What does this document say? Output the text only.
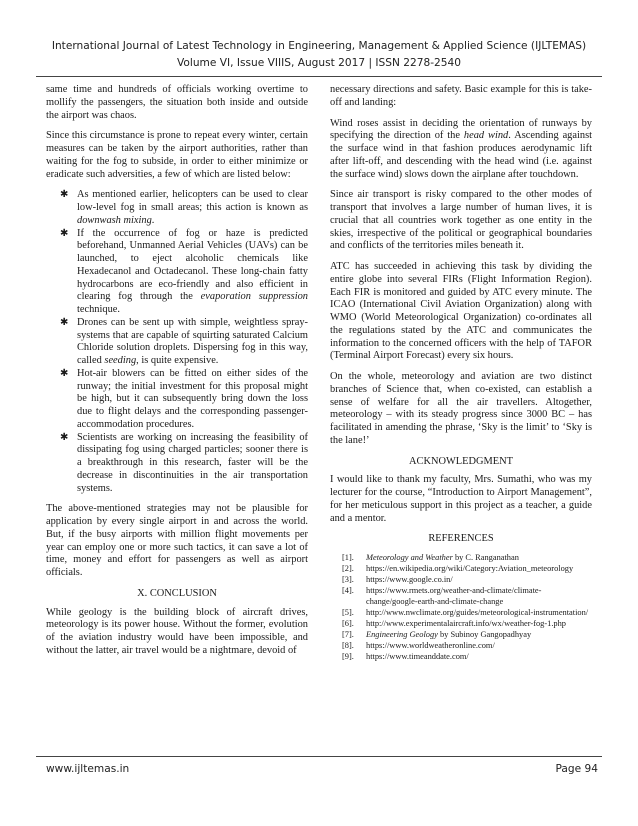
International Journal of Latest Technology in Engineering, Management & Applied Science (IJLTEMAS)
Volume VI, Issue VIIIS, August 2017 | ISSN 2278-2540

same time and hundreds of officials working overtime to mollify the passengers, the situation both inside and outside the airport was chaos.

Since this circumstance is prone to repeat every winter, certain measures can be taken by the airport authorities, rather than waiting for the fog to subside, in order to either minimize or eradicate such adversities, a few of which are listed below:

✱ As mentioned earlier, helicopters can be used to clear low-level fog in small areas; this action is known as downwash mixing.
✱ If the occurrence of fog or haze is predicted beforehand, Unmanned Aerial Vehicles (UAVs) can be launched, to eject alcoholic chemicals like Hexadecanol and Octadecanol. These long-chain fatty hydrocarbons are eco-friendly and also efficient in clearing fog through the evaporation suppression technique.
✱ Drones can be sent up with simple, weightless spray-systems that are capable of squirting saturated Calcium Chloride solution droplets. Dispersing fog in this way, called seeding, is quite expensive.
✱ Hot-air blowers can be fitted on either sides of the runway; the initial investment for this proposal might be high, but it can subsequently bring down the loss due to flight delays and the corresponding passenger-accommodation procedures.
✱ Scientists are working on increasing the feasibility of dissipating fog using charged particles; sooner there is a breakthrough in this research, faster will be the decrease in discontinuities in the air transportation systems.

The above-mentioned strategies may not be plausible for application by every single airport in and across the world. But, if the busy airports with million flight movements per year can employ one or more such tactics, it can save a lot of time, money and effort for passengers as well as airport officials.

X. CONCLUSION

While geology is the building block of aircraft drives, meteorology is its power house. Without the former, evolution of the aviation industry would have been impossible, and without the latter, air travel would be a nightmare, devoid of

necessary directions and safety. Basic example for this is take-off and landing:

Wind roses assist in deciding the orientation of runways by specifying the direction of the head wind. Ascending against the surface wind in that fashion produces aerodynamic lift after lift-off, and descending with the head wind (i.e. against the surface wind) slows down the airplane after touchdown.

Since air transport is risky compared to the other modes of transport that involves a large number of human lives, it is crucial that all countries work together as one entity in the skies, irrespective of the political or geographical boundaries and conflicts of the territories miles beneath it.

ATC has succeeded in achieving this task by dividing the entire globe into several FIRs (Flight Information Region). Each FIR is monitored and guided by ATC every minute. The ICAO (International Civil Aviation Organization) along with WMO (World Meteorological Organization) co-ordinates all the regulations stated by the ATC and communicates the information to the concerned officers with the help of TAFOR (Terminal Airport Forecast) every six hours.

On the whole, meteorology and aviation are two distinct branches of Science that, when co-existed, can establish a sense of welfare for all the air travellers. Altogether, meteorology – with its steady progress since 3000 BC – has facilitated in amending the phrase, ‘Sky is the limit’ to ‘Sky is the lane!’

ACKNOWLEDGMENT

I would like to thank my faculty, Mrs. Sumathi, who was my lecturer for the course, “Introduction to Airport Management”, for her meticulous support in this project as a teacher, a guide and a mentor.

REFERENCES
[1]. Meteorology and Weather by C. Ranganathan
[2]. https://en.wikipedia.org/wiki/Category:Aviation_meteorology
[3]. https://www.google.co.in/
[4]. https://www.rmets.org/weather-and-climate/climate-change/google-earth-and-climate-change
[5]. http://www.nwclimate.org/guides/meteorological-instrumentation/
[6]. http://www.experimentalaircraft.info/wx/weather-fog-1.php
[7]. Engineering Geology by Subinoy Gangopadhyay
[8]. https://www.worldweatheronline.com/
[9]. https://www.timeanddate.com/
www.ijltemas.in	Page 94
